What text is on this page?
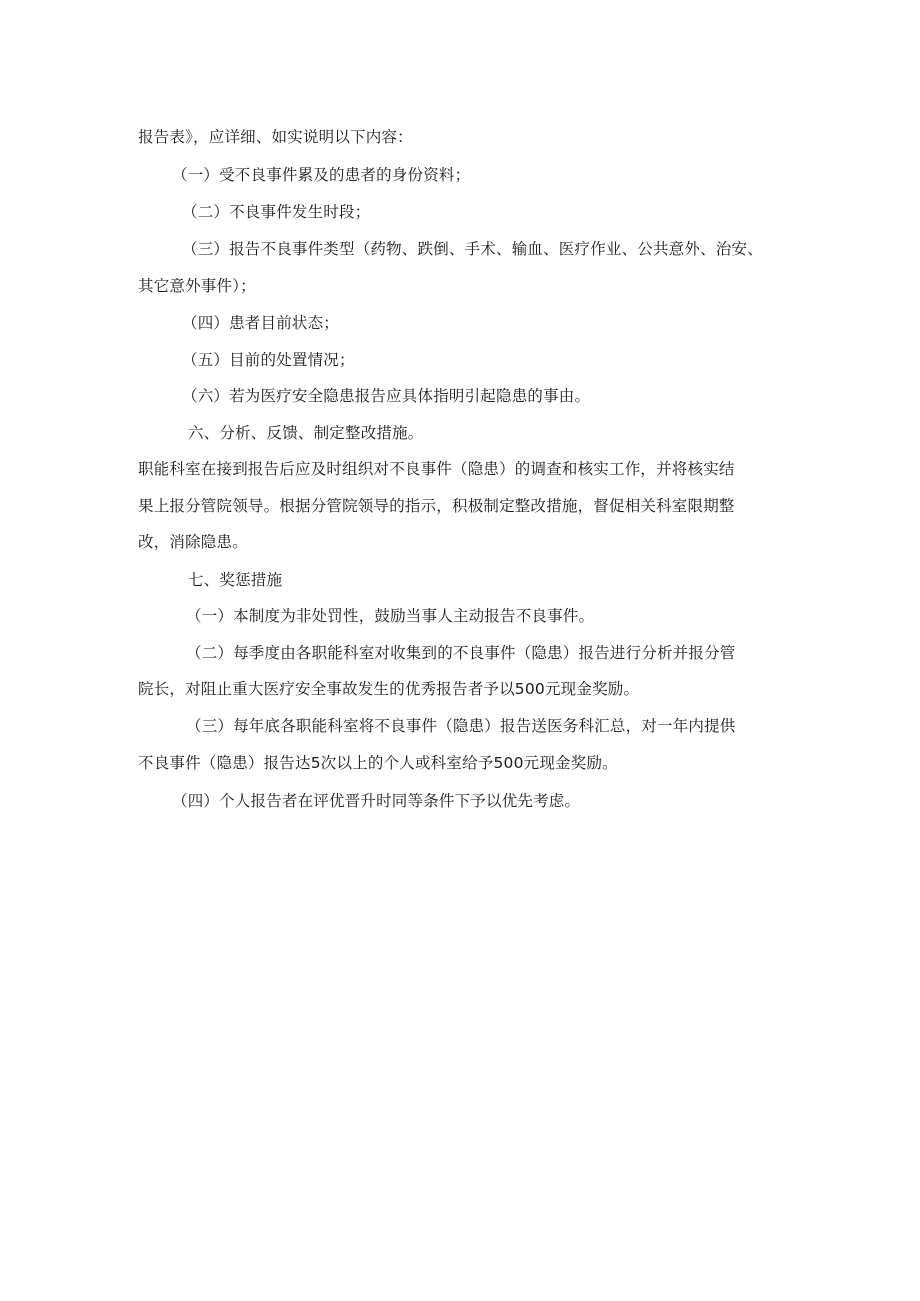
报告表》，应详细、如实说明以下内容：
（一）受不良事件累及的患者的身份资料；
（二）不良事件发生时段；
（三）报告不良事件类型（药物、跌倒、手术、输血、医疗作业、公共意外、治安、
其它意外事件）；
（四）患者目前状态；
（五）目前的处置情况；
（六）若为医疗安全隐患报告应具体指明引起隐患的事由。
六、分析、反馈、制定整改措施。
职能科室在接到报告后应及时组织对不良事件（隐患）的调查和核实工作，并将核实结
果上报分管院领导。根据分管院领导的指示，积极制定整改措施，督促相关科室限期整
改，消除隐患。
七、奖惩措施
（一）本制度为非处罚性，鼓励当事人主动报告不良事件。
（二）每季度由各职能科室对收集到的不良事件（隐患）报告进行分析并报分管
院长，对阻止重大医疗安全事故发生的优秀报告者予以500元现金奖励。
（三）每年底各职能科室将不良事件（隐患）报告送医务科汇总，对一年内提供
不良事件（隐患）报告达5次以上的个人或科室给予500元现金奖励。
（四）个人报告者在评优晋升时同等条件下予以优先考虑。
